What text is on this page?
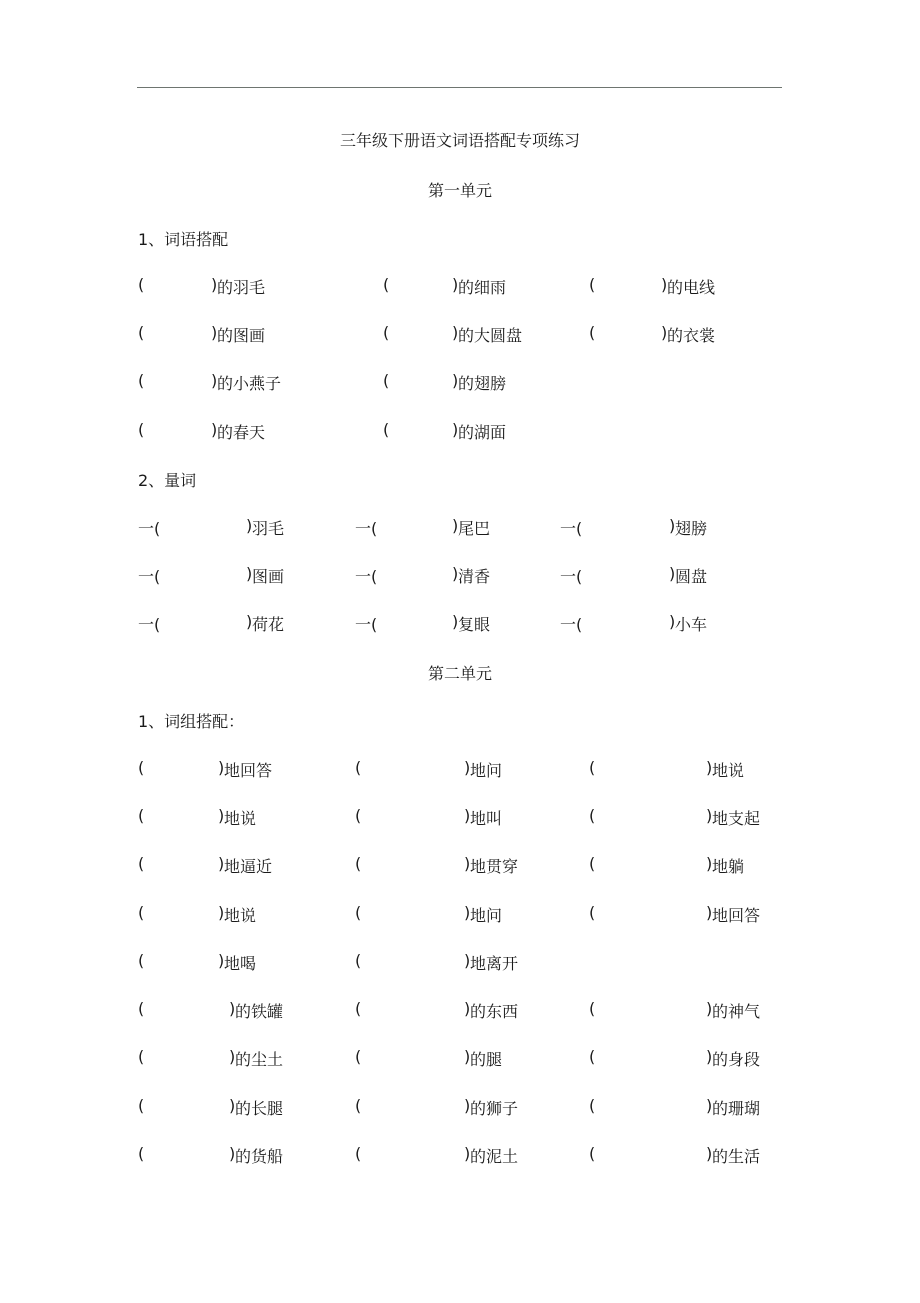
三年级下册语文词语搭配专项练习
第一单元
1、词语搭配
(	) 的羽毛	(	) 的细雨	(	) 的电线
(	) 的图画	(	) 的大圆盘	(	) 的衣裳
(	) 的小燕子	(	) 的翅膀
(	) 的春天	(	) 的湖面
2、量词
一(	) 羽毛	一(	) 尾巴	一(	) 翅膀
一(	) 图画	一(	) 清香	一(	) 圆盘
一(	) 荷花	一(	) 复眼	一(	) 小车
第二单元
1、词组搭配：
(	) 地回答	(	) 地问	(	) 地说
(	) 地说	(	) 地叫	(	) 地支起
(	) 地逼近	(	) 地贯穿	(	) 地躺
(	) 地说	(	) 地问	(	) 地回答
(	) 地喝	(	) 地离开
(	) 的铁罐	(	) 的东西	(	) 的神气
(	) 的尘土	(	) 的腿	(	) 的身段
(	) 的长腿	(	) 的狮子	(	) 的珊瑚
(	) 的货船	(	) 的泥土	(	) 的生活
